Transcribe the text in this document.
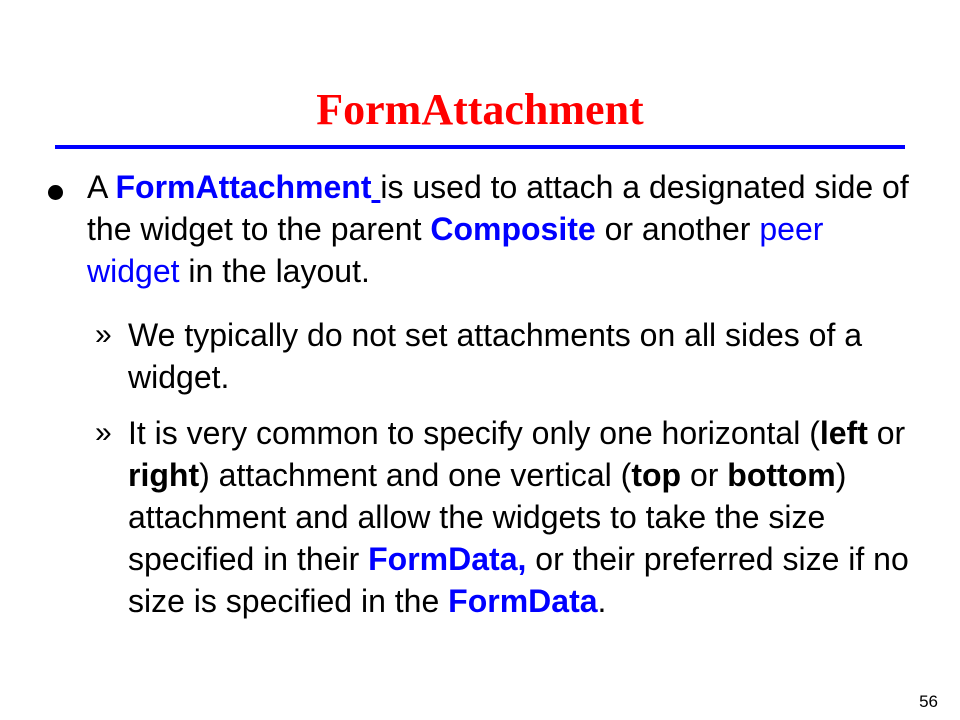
FormAttachment
A FormAttachment is used to attach a designated side of the widget to the parent Composite or another peer widget in the layout.
» We typically do not set attachments on all sides of a widget.
» It is very common to specify only one horizontal (left or right) attachment and one vertical (top or bottom) attachment and allow the widgets to take the size specified in their FormData, or their preferred size if no size is specified in the FormData.
56
